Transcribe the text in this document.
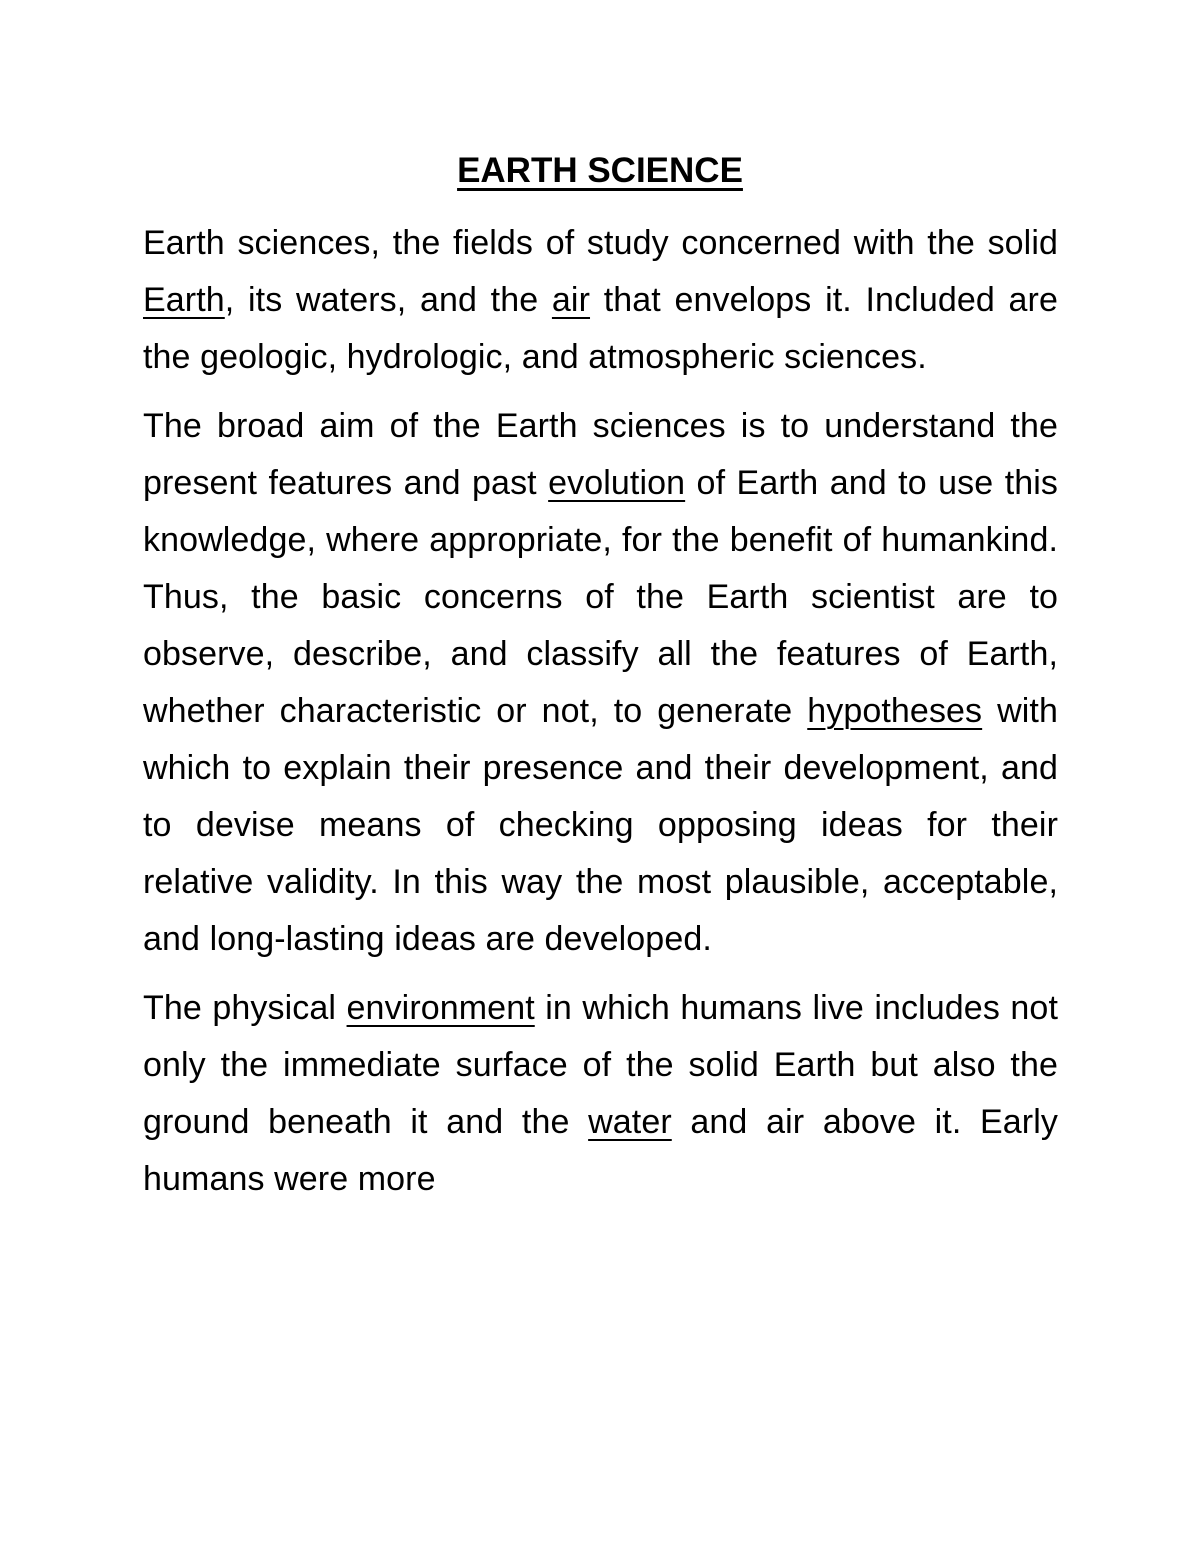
EARTH SCIENCE

Earth sciences, the fields of study concerned with the solid Earth, its waters, and the air that envelops it. Included are the geologic, hydrologic, and atmospheric sciences.

The broad aim of the Earth sciences is to understand the present features and past evolution of Earth and to use this knowledge, where appropriate, for the benefit of humankind. Thus, the basic concerns of the Earth scientist are to observe, describe, and classify all the features of Earth, whether characteristic or not, to generate hypotheses with which to explain their presence and their development, and to devise means of checking opposing ideas for their relative validity. In this way the most plausible, acceptable, and long-lasting ideas are developed.

The physical environment in which humans live includes not only the immediate surface of the solid Earth but also the ground beneath it and the water and air above it. Early humans were more
